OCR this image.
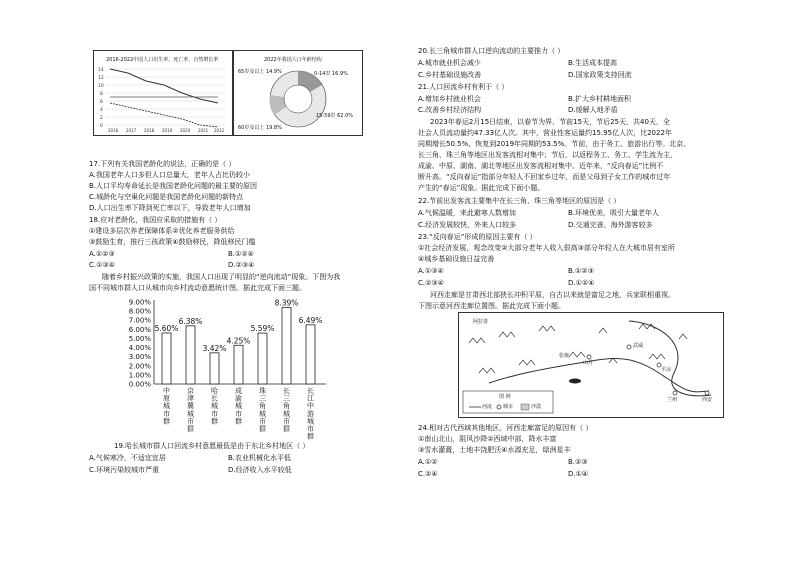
2016-2022中国人口出生率、死亡率、自然增长率
14
12
10
8
6
4
2
0
2016 2017 2018 2019 2020 2021 2022
2022年我国人口年龄结构
65岁及以上 14.9%
15-59岁 62.0%
0-14岁 16.9%
60岁及以上 19.8%
17.下列有关我国老龄化的说法，正确的是（ ）
A.我国老年人口多但人口总量大，老年人占比仍较小
B.人口平均寿命延长是我国老龄化问题的最主要的原因
C.城龄化与空巢化问题是我国老龄化问题的新特点
D.人口出生率下降到死亡率以下，导致老年人口增加
18.应对老龄化，我国应采取的措施有（ ）
①建设多层次养老保障体系②优化养老服务供给
③鼓励生育，推行三孩政策④鼓励移民，降低移民门槛
A.①②③	B.①②④
C.①③④	D.②③④
随着乡村振兴政策的实施，我国人口出现了明显的“逆向流动”现象。下图为我
国不同城市群人口从城市向乡村流动意愿统计图。据此完成下面三题。
9.00%
8.00%
7.00%
6.00%
5.00%
4.00%
3.00%
2.00%
1.00%
0.00%
5.60%
中
原
城
市
群
6.38%
京
津
冀
城
市
群
3.42%
哈
长
城
市
群
4.25%
成
渝
城
市
群
5.59%
珠
三
角
城
市
群
8.39%
长
三
角
城
市
群
6.49%
长
江
中
游
城
市
群
19.哈长城市群人口回流乡村意愿最低是由于东北乡村地区（ ）
A.气候寒冷，不适宜宜居	B.农业机械化水平低
C.环境污染较城市严重	D.经济收入水平较低
20.长三角城市群人口逆向流动的主要推力（ ）
A.城市就业机会减少	B.生活成本提高
C.乡村基础设施改善	D.国家政策支持回流
21.人口回流乡村有利于（ ）
A.增加乡村就业机会	B.扩大乡村耕地面积
C.改善乡村经济结构	D.缓解人地矛盾
2023年春运2月15日结束，以春节为界，节前15天，节后25天，共40天，全
社会人员流动量约47.33亿人次。其中，营业性客运量约15.95亿人次，比2022年
同期增长50.5%，恢复到2019年同期的53.5%。节前，由于务工、旅游出行等。北京、
长三角、珠三角等地区出发客流相对集中；节后，以返程务工、务工、学生流为主，
成渝、中原、湖南、湖北等地区出发客流相对集中。近年来，“反向春运”比例不
断升高。“反向春运”指部分年轻人不回家乡过年，而是父母到子女工作的城市过年
产生的“春运”现象。据此完成下面小题。
22.节前出发客流主要集中在长三角、珠三角等地区的原因是（ ）
A.气候温暖，来此避寒人数增加	B.环境优美，吸引大量老年人
C.经济发展较快，外来人口较多	D.交通完善，海外游客较多
23.“反向春运”形成的原因主要有（ ）
①社会经济发展，观念改变②大部分老年人收入很高③部分年轻人在大城市居有室所
④城乡基础设施日益完善
A.①③④	B.①②③
C.②③④	D.①②④
河西走廊是甘肃西北部狭长冲积平原，自古以来就是富足之地，兵家联相重视。
下图示意河西走廊位置图。据此完成下面小题。
图 例
河流 城市	沙漠
山丹
张掖
武威
平凉
兰州	西安
阿拉善
24.相对古代西域其他地区，河西走廊富足的原因有（ ）
①南山北山，阻风沙降②西域中部，降水丰富
③雪水灌溉，土地丰饶肥沃④水源充足，绿洲星丰
A.①②	B.②③
C.②④	D.①④
